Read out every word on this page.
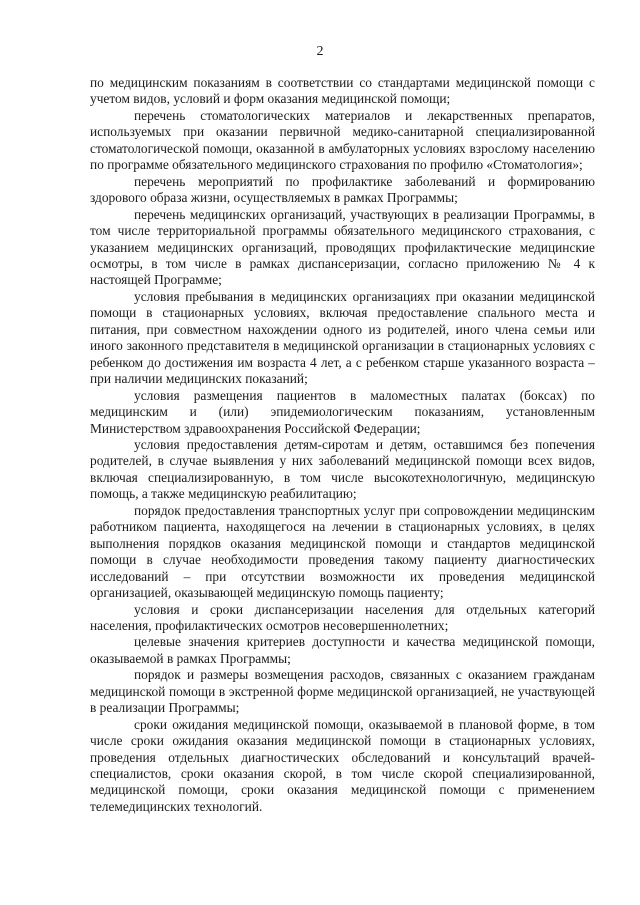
2

по медицинским показаниям в соответствии со стандартами медицинской помощи с учетом видов, условий и форм оказания медицинской помощи;

перечень стоматологических материалов и лекарственных препаратов, используемых при оказании первичной медико-санитарной специализированной стоматологической помощи, оказанной в амбулаторных условиях взрослому населению по программе обязательного медицинского страхования по профилю «Стоматология»;

перечень мероприятий по профилактике заболеваний и формированию здорового образа жизни, осуществляемых в рамках Программы;

перечень медицинских организаций, участвующих в реализации Программы, в том числе территориальной программы обязательного медицинского страхования, с указанием медицинских организаций, проводящих профилактические медицинские осмотры, в том числе в рамках диспансеризации, согласно приложению № 4 к настоящей Программе;

условия пребывания в медицинских организациях при оказании медицинской помощи в стационарных условиях, включая предоставление спального места и питания, при совместном нахождении одного из родителей, иного члена семьи или иного законного представителя в медицинской организации в стационарных условиях с ребенком до достижения им возраста 4 лет, а с ребенком старше указанного возраста – при наличии медицинских показаний;

условия размещения пациентов в маломестных палатах (боксах) по медицинским и (или) эпидемиологическим показаниям, установленным Министерством здравоохранения Российской Федерации;

условия предоставления детям-сиротам и детям, оставшимся без попечения родителей, в случае выявления у них заболеваний медицинской помощи всех видов, включая специализированную, в том числе высокотехнологичную, медицинскую помощь, а также медицинскую реабилитацию;

порядок предоставления транспортных услуг при сопровождении медицинским работником пациента, находящегося на лечении в стационарных условиях, в целях выполнения порядков оказания медицинской помощи и стандартов медицинской помощи в случае необходимости проведения такому пациенту диагностических исследований – при отсутствии возможности их проведения медицинской организацией, оказывающей медицинскую помощь пациенту;

условия и сроки диспансеризации населения для отдельных категорий населения, профилактических осмотров несовершеннолетних;

целевые значения критериев доступности и качества медицинской помощи, оказываемой в рамках Программы;

порядок и размеры возмещения расходов, связанных с оказанием гражданам медицинской помощи в экстренной форме медицинской организацией, не участвующей в реализации Программы;

сроки ожидания медицинской помощи, оказываемой в плановой форме, в том числе сроки ожидания оказания медицинской помощи в стационарных условиях, проведения отдельных диагностических обследований и консультаций врачей-специалистов, сроки оказания скорой, в том числе скорой специализированной, медицинской помощи, сроки оказания медицинской помощи с применением телемедицинских технологий.
